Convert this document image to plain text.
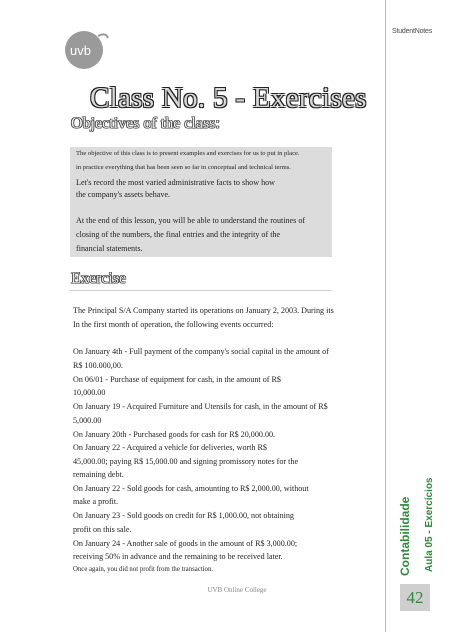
StudentNotes
uvb
Class No. 5 - Exercises
Objectives of the class:

The objective of this class is to present examples and exercises for us to put in place.

in practice everything that has been seen so far in conceptual and technical terms.

Let's record the most varied administrative facts to show how

the company's assets behave.

At the end of this lesson, you will be able to understand the routines of

closing of the numbers, the final entries and the integrity of the

financial statements.

Exercise

The Principal S/A Company started its operations on January 2, 2003. During its

In the first month of operation, the following events occurred:

On January 4th - Full payment of the company's social capital in the amount of

R$ 100.000,00.

On 06/01 - Purchase of equipment for cash, in the amount of R$

10,000.00

On January 19 - Acquired Furniture and Utensils for cash, in the amount of R$

5,000.00

On January 20th - Purchased goods for cash for R$ 20,000.00.

On January 22 - Acquired a vehicle for deliveries, worth R$

45,000.00; paying R$ 15,000.00 and signing promissory notes for the

remaining debt.

On January 22 - Sold goods for cash, amounting to R$ 2,000.00, without

make a profit.

On January 23 - Sold goods on credit for R$ 1,000.00, not obtaining

profit on this sale.

On January 24 - Another sale of goods in the amount of R$ 3,000.00;

receiving 50% in advance and the remaining to be received later.

Once again, you did not profit from the transaction.

UVB Online College

Contabilidade Aula 05 - Exercícios

42
